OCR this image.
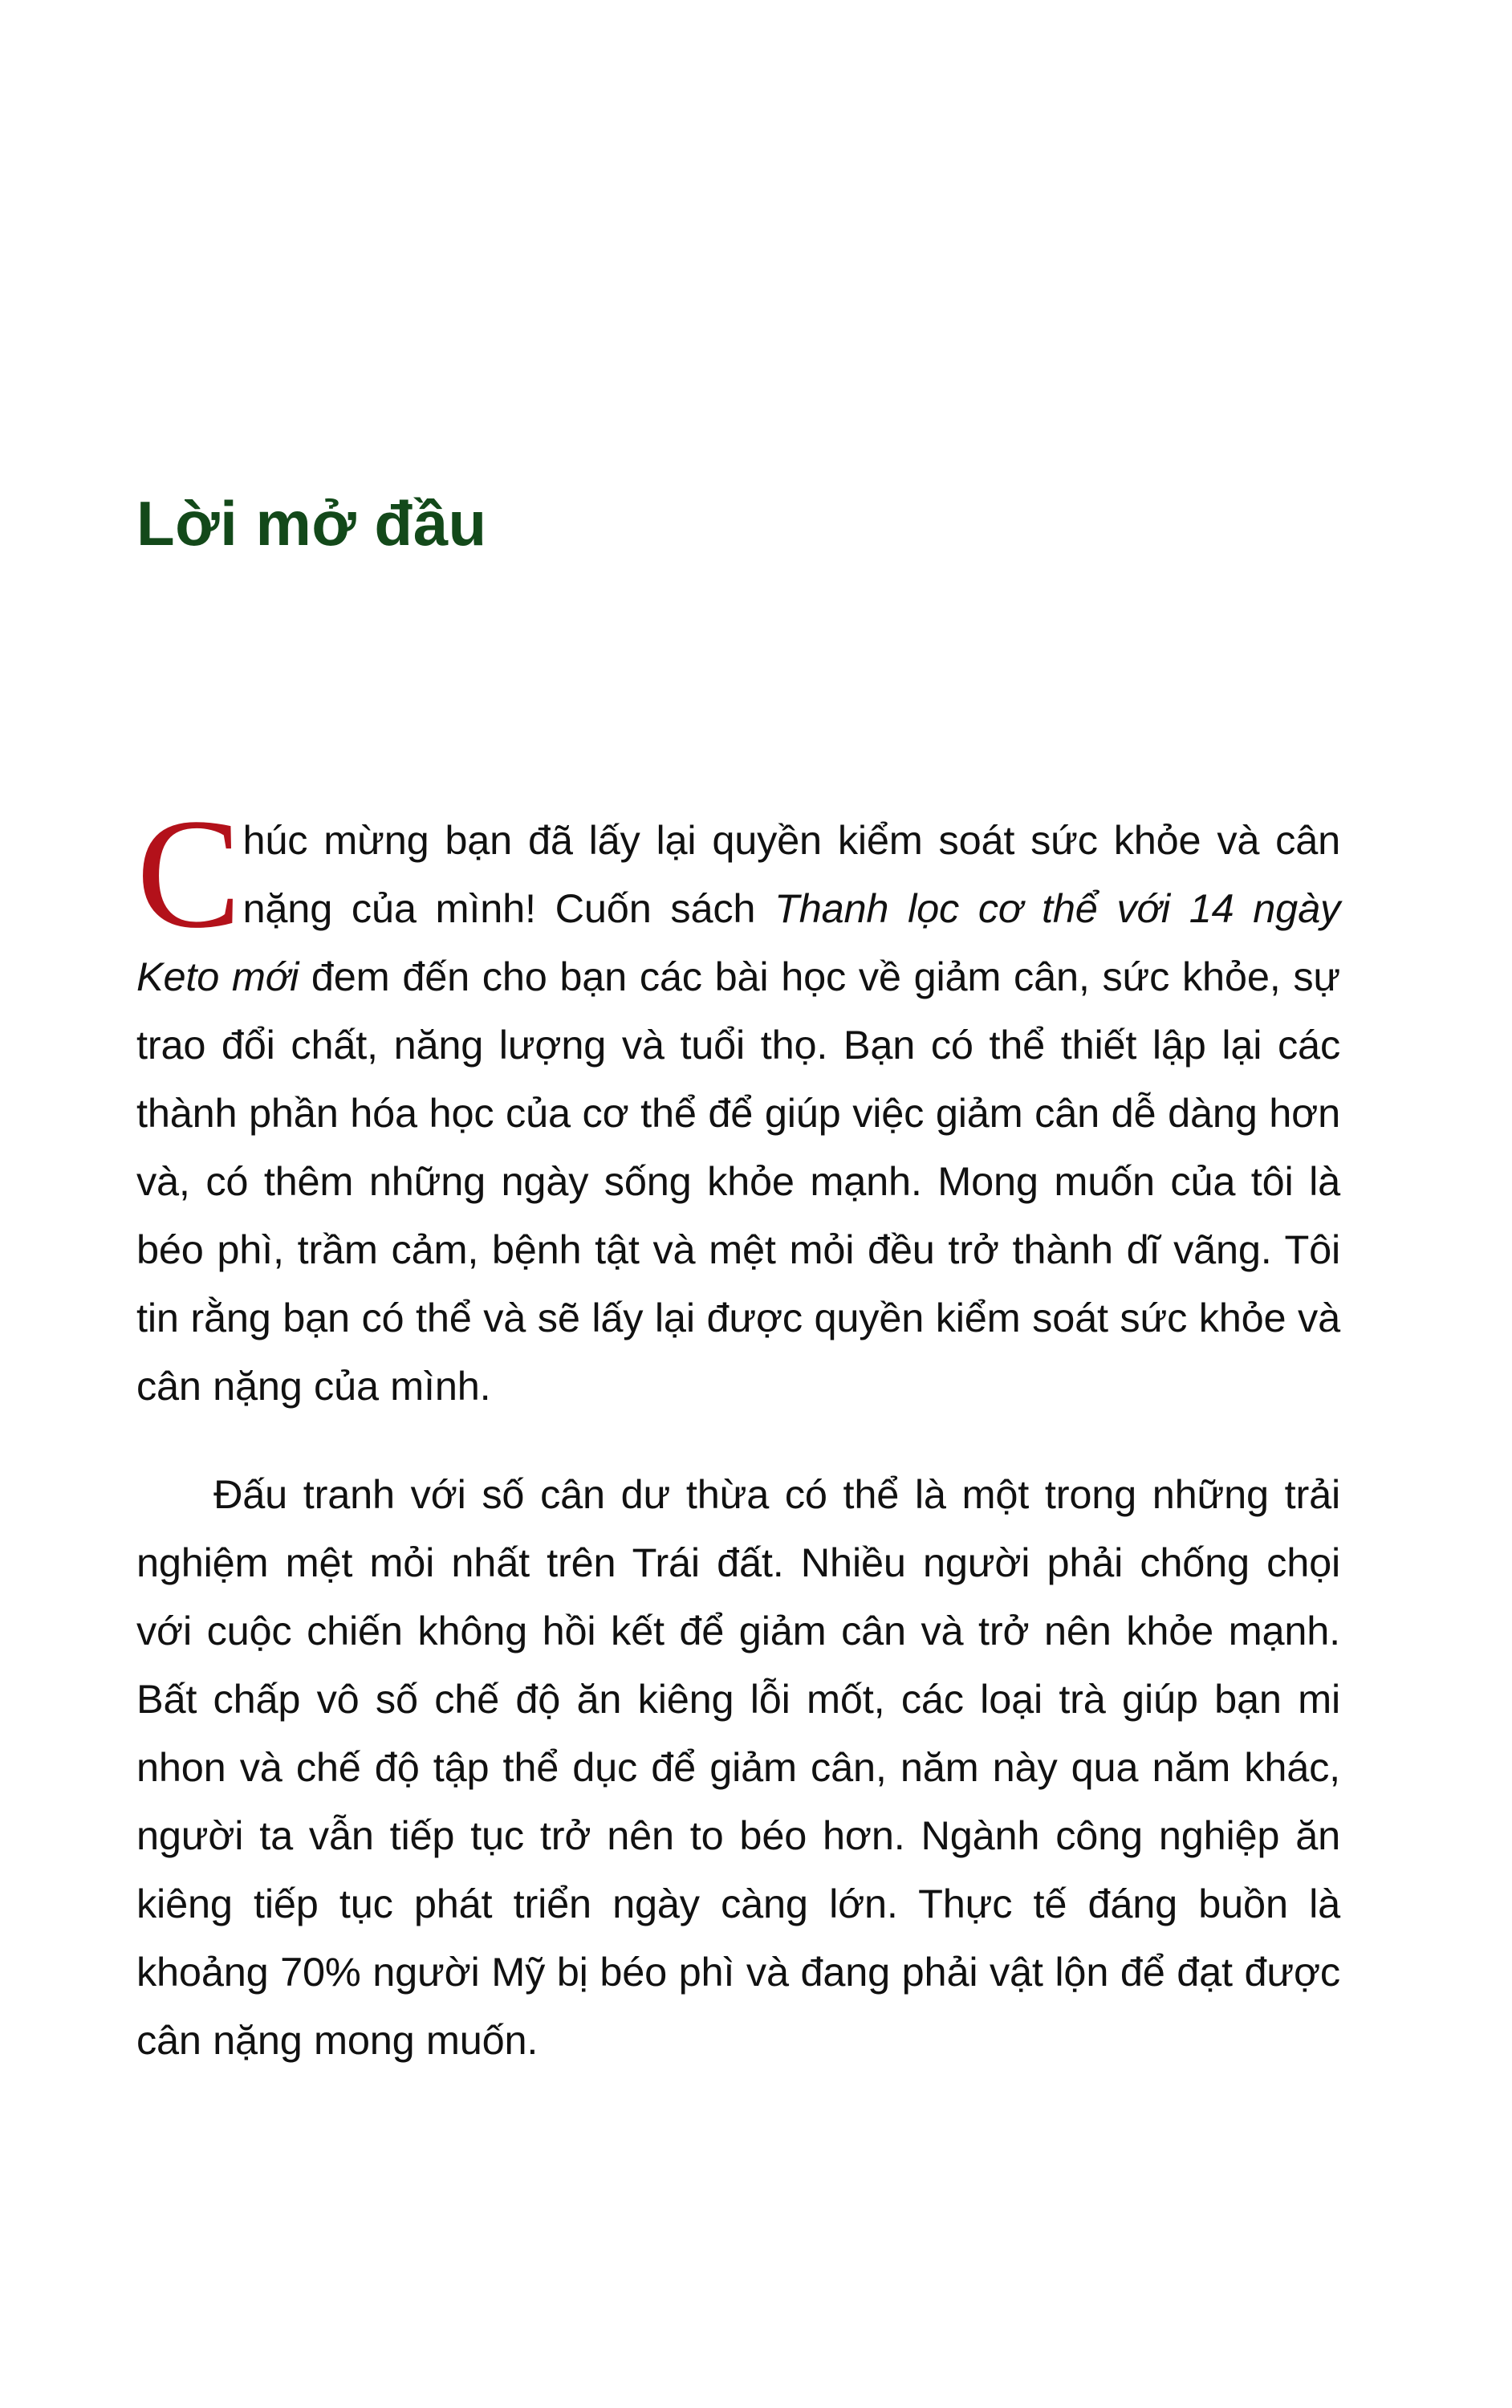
Lời mở đầu

Chúc mừng bạn đã lấy lại quyền kiểm soát sức khỏe và cân nặng của mình! Cuốn sách Thanh lọc cơ thể với 14 ngày Keto mới đem đến cho bạn các bài học về giảm cân, sức khỏe, sự trao đổi chất, năng lượng và tuổi thọ. Bạn có thể thiết lập lại các thành phần hóa học của cơ thể để giúp việc giảm cân dễ dàng hơn và, có thêm những ngày sống khỏe mạnh. Mong muốn của tôi là béo phì, trầm cảm, bệnh tật và mệt mỏi đều trở thành dĩ vãng. Tôi tin rằng bạn có thể và sẽ lấy lại được quyền kiểm soát sức khỏe và cân nặng của mình.

Đấu tranh với số cân dư thừa có thể là một trong những trải nghiệm mệt mỏi nhất trên Trái đất. Nhiều người phải chống chọi với cuộc chiến không hồi kết để giảm cân và trở nên khỏe mạnh. Bất chấp vô số chế độ ăn kiêng lỗi mốt, các loại trà giúp bạn mi nhon và chế độ tập thể dục để giảm cân, năm này qua năm khác, người ta vẫn tiếp tục trở nên to béo hơn. Ngành công nghiệp ăn kiêng tiếp tục phát triển ngày càng lớn. Thực tế đáng buồn là khoảng 70% người Mỹ bị béo phì và đang phải vật lộn để đạt được cân nặng mong muốn.
